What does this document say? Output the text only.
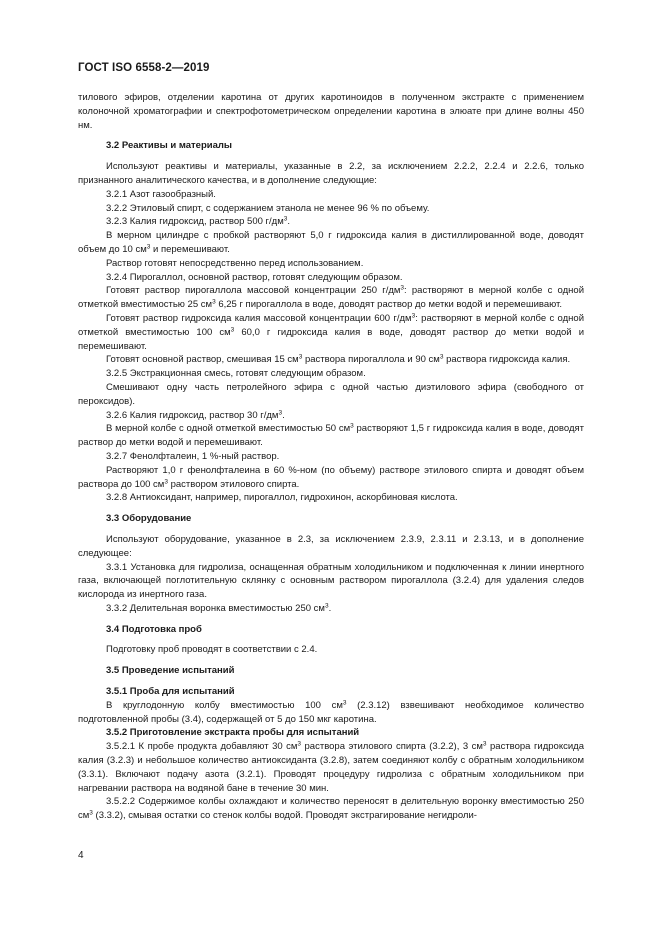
ГОСТ ISO 6558-2—2019

тилового эфиров, отделении каротина от других каротиноидов в полученном экстракте с применением колоночной хроматографии и спектрофотометрическом определении каротина в элюате при длине волны 450 нм.

3.2 Реактивы и материалы

Используют реактивы и материалы, указанные в 2.2, за исключением 2.2.2, 2.2.4 и 2.2.6, только признанного аналитического качества, и в дополнение следующие:

3.2.1 Азот газообразный.

3.2.2 Этиловый спирт, с содержанием этанола не менее 96 % по объему.

3.2.3 Калия гидроксид, раствор 500 $г/дм^3$.

В мерном цилиндре с пробкой растворяют 5,0 г гидроксида калия в дистиллированной воде, доводят объем до 10 $см^3$ и перемешивают.

Раствор готовят непосредственно перед использованием.

3.2.4 Пирогаллол, основной раствор, готовят следующим образом.

Готовят раствор пирогаллола массовой концентрации 250 $г/дм^3$: растворяют в мерной колбе с одной отметкой вместимостью 25 $см^3$ 6,25 г пирогаллола в воде, доводят раствор до метки водой и перемешивают.

Готовят раствор гидроксида калия массовой концентрации 600 $г/дм^3$: растворяют в мерной колбе с одной отметкой вместимостью 100 $см^3$ 60,0 г гидроксида калия в воде, доводят раствор до метки водой и перемешивают.

Готовят основной раствор, смешивая 15 $см^3$ раствора пирогаллола и 90 $см^3$ раствора гидроксида калия.

3.2.5 Экстракционная смесь, готовят следующим образом.

Смешивают одну часть петролейного эфира с одной частью диэтилового эфира (свободного от пероксидов).

3.2.6 Калия гидроксид, раствор 30 $г/дм^3$.

В мерной колбе с одной отметкой вместимостью 50 $см^3$ растворяют 1,5 г гидроксида калия в воде, доводят раствор до метки водой и перемешивают.

3.2.7 Фенолфталеин, 1 %-ный раствор.

Растворяют 1,0 г фенолфталеина в 60 %-ном (по объему) растворе этилового спирта и доводят объем раствора до 100 $см^3$ раствором этилового спирта.

3.2.8 Антиоксидант, например, пирогаллол, гидрохинон, аскорбиновая кислота.

3.3 Оборудование

Используют оборудование, указанное в 2.3, за исключением 2.3.9, 2.3.11 и 2.3.13, и в дополнение следующее:

3.3.1 Установка для гидролиза, оснащенная обратным холодильником и подключенная к линии инертного газа, включающей поглотительную склянку с основным раствором пирогаллола (3.2.4) для удаления следов кислорода из инертного газа.

3.3.2 Делительная воронка вместимостью 250 $см^3$.

3.4 Подготовка проб

Подготовку проб проводят в соответствии с 2.4.

3.5 Проведение испытаний

3.5.1 Проба для испытаний

В круглодонную колбу вместимостью 100 $см^3$ (2.3.12) взвешивают необходимое количество подготовленной пробы (3.4), содержащей от 5 до 150 мкг каротина.

3.5.2 Приготовление экстракта пробы для испытаний

3.5.2.1 К пробе продукта добавляют 30 $см^3$ раствора этилового спирта (3.2.2), 3 $см^3$ раствора гидроксида калия (3.2.3) и небольшое количество антиоксиданта (3.2.8), затем соединяют колбу с обратным холодильником (3.3.1). Включают подачу азота (3.2.1). Проводят процедуру гидролиза с обратным холодильником при нагревании раствора на водяной бане в течение 30 мин.

3.5.2.2 Содержимое колбы охлаждают и количество переносят в делительную воронку вместимостью 250 $см^3$ (3.3.2), смывая остатки со стенок колбы водой. Проводят экстрагирование негидроли-

4
